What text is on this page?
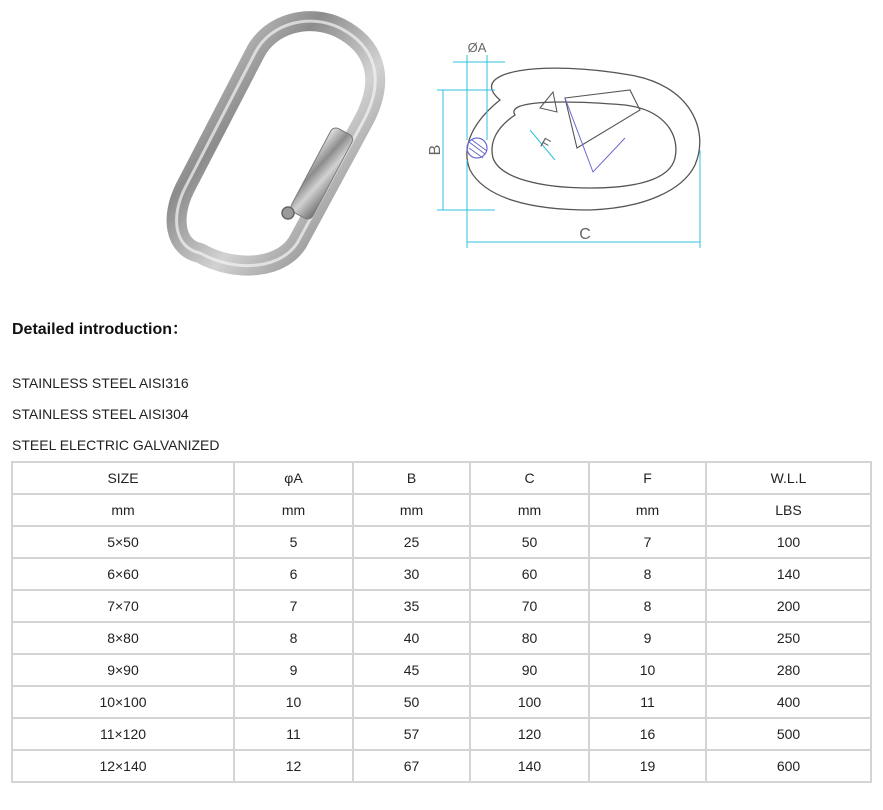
ØA
B
C
F
Detailed introduction：

STAINLESS STEEL AISI316

STAINLESS STEEL AISI304

STEEL ELECTRIC GALVANIZED

SIZE	φA	B	C	F	W.L.L
mm	mm	mm	mm	mm	LBS
5×50	5	25	50	7	100
6×60	6	30	60	8	140
7×70	7	35	70	8	200
8×80	8	40	80	9	250
9×90	9	45	90	10	280
10×100	10	50	100	11	400
11×120	11	57	120	16	500
12×140	12	67	140	19	600
